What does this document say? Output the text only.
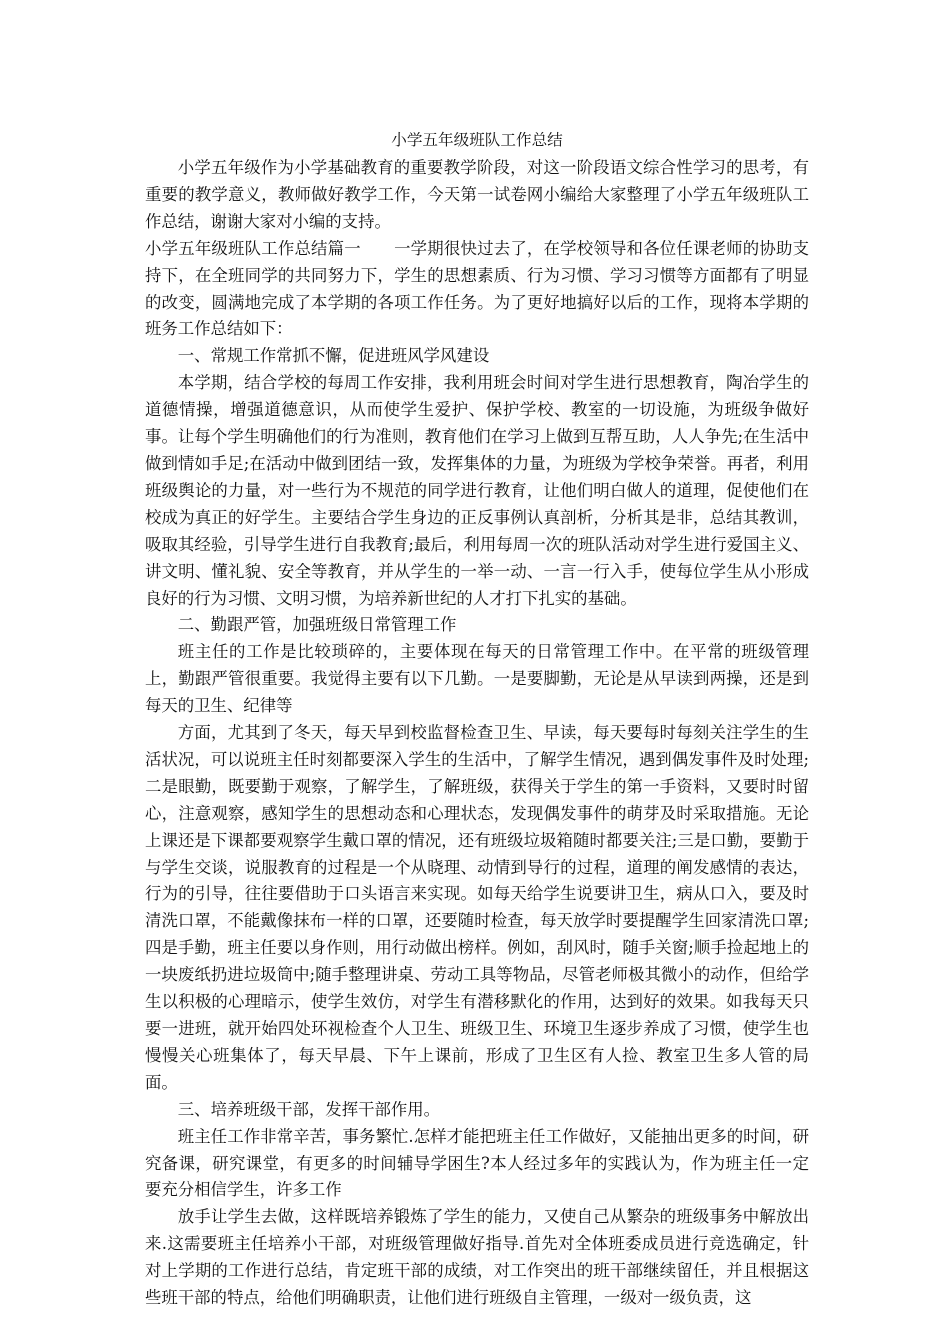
小学五年级班队工作总结

小学五年级作为小学基础教育的重要教学阶段，对这一阶段语文综合性学习的思考，有重要的教学意义，教师做好教学工作，今天第一试卷网小编给大家整理了小学五年级班队工作总结，谢谢大家对小编的支持。

小学五年级班队工作总结篇一　　一学期很快过去了，在学校领导和各位任课老师的协助支持下，在全班同学的共同努力下，学生的思想素质、行为习惯、学习习惯等方面都有了明显的改变，圆满地完成了本学期的各项工作任务。为了更好地搞好以后的工作，现将本学期的班务工作总结如下：

一、常规工作常抓不懈，促进班风学风建设

本学期，结合学校的每周工作安排，我利用班会时间对学生进行思想教育，陶冶学生的道德情操，增强道德意识，从而使学生爱护、保护学校、教室的一切设施，为班级争做好事。让每个学生明确他们的行为准则，教育他们在学习上做到互帮互助，人人争先;在生活中做到情如手足;在活动中做到团结一致，发挥集体的力量，为班级为学校争荣誉。再者，利用班级舆论的力量，对一些行为不规范的同学进行教育，让他们明白做人的道理，促使他们在校成为真正的好学生。主要结合学生身边的正反事例认真剖析，分析其是非，总结其教训，吸取其经验，引导学生进行自我教育;最后，利用每周一次的班队活动对学生进行爱国主义、讲文明、懂礼貌、安全等教育，并从学生的一举一动、一言一行入手，使每位学生从小形成良好的行为习惯、文明习惯，为培养新世纪的人才打下扎实的基础。

二、勤跟严管，加强班级日常管理工作

班主任的工作是比较琐碎的，主要体现在每天的日常管理工作中。在平常的班级管理上，勤跟严管很重要。我觉得主要有以下几勤。一是要脚勤，无论是从早读到两操，还是到每天的卫生、纪律等

方面，尤其到了冬天，每天早到校监督检查卫生、早读，每天要每时每刻关注学生的生活状况，可以说班主任时刻都要深入学生的生活中，了解学生情况，遇到偶发事件及时处理;二是眼勤，既要勤于观察，了解学生，了解班级，获得关于学生的第一手资料，又要时时留心，注意观察，感知学生的思想动态和心理状态，发现偶发事件的萌芽及时采取措施。无论上课还是下课都要观察学生戴口罩的情况，还有班级垃圾箱随时都要关注;三是口勤，要勤于与学生交谈，说服教育的过程是一个从晓理、动情到导行的过程，道理的阐发感情的表达，行为的引导，往往要借助于口头语言来实现。如每天给学生说要讲卫生，病从口入，要及时清洗口罩，不能戴像抹布一样的口罩，还要随时检查，每天放学时要提醒学生回家清洗口罩;四是手勤，班主任要以身作则，用行动做出榜样。例如，刮风时，随手关窗;顺手捡起地上的一块废纸扔进垃圾筒中;随手整理讲桌、劳动工具等物品，尽管老师极其微小的动作，但给学生以积极的心理暗示，使学生效仿，对学生有潜移默化的作用，达到好的效果。如我每天只要一进班，就开始四处环视检查个人卫生、班级卫生、环境卫生逐步养成了习惯，使学生也慢慢关心班集体了，每天早晨、下午上课前，形成了卫生区有人捡、教室卫生多人管的局面。

三、培养班级干部，发挥干部作用。

班主任工作非常辛苦，事务繁忙.怎样才能把班主任工作做好，又能抽出更多的时间，研究备课，研究课堂，有更多的时间辅导学困生?本人经过多年的实践认为，作为班主任一定要充分相信学生，许多工作

放手让学生去做，这样既培养锻炼了学生的能力，又使自己从繁杂的班级事务中解放出来.这需要班主任培养小干部，对班级管理做好指导.首先对全体班委成员进行竞选确定，针对上学期的工作进行总结，肯定班干部的成绩，对工作突出的班干部继续留任，并且根据这些班干部的特点，给他们明确职责，让他们进行班级自主管理，一级对一级负责，这
